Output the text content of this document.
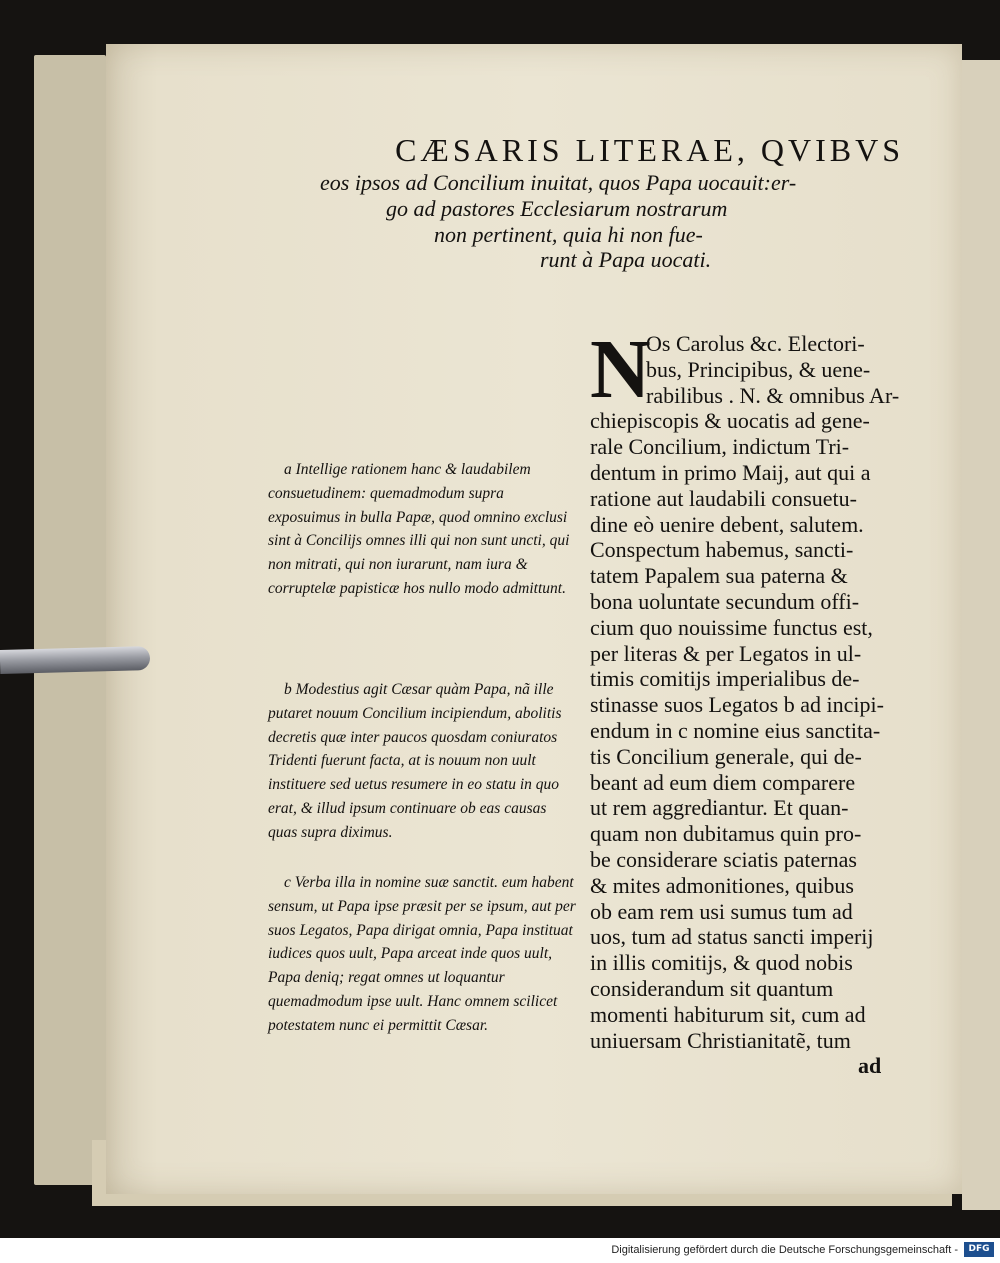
CÆSARIS LITERAE, QVIBVS
eos ipsos ad Concilium inuitat, quos Papa uocauit:er-
go ad pastores Ecclesiarum nostrarum
non pertinent, quia hi non fue-
runt à Papa uocati.

a Intellige rationem hanc & laudabilem consuetudinem: quemadmodum supra exposuimus in bulla Papæ, quod omnino exclusi sint à Concilijs omnes illi qui non sunt uncti, qui non mitrati, qui non iurarunt, nam iura & corruptelæ papisticæ hos nullo modo admittunt.

b Modestius agit Cæsar quàm Papa, nã ille putaret nouum Concilium incipiendum, abolitis decretis quæ inter paucos quosdam coniuratos Tridenti fuerunt facta, at is nouum non uult instituere sed uetus resumere in eo statu in quo erat, & illud ipsum continuare ob eas causas quas supra diximus.

c Verba illa in nomine suæ sanctit. eum habent sensum, ut Papa ipse præsit per se ipsum, aut per suos Legatos, Papa dirigat omnia, Papa instituat iudices quos uult, Papa arceat inde quos uult, Papa deniq; regat omnes ut loquantur quemadmodum ipse uult. Hanc omnem scilicet potestatem nunc ei permittit Cæsar.

N
Os Carolus &c. Electori-
bus, Principibus, & uene-
rabilibus . N. & omnibus Ar-
chiepiscopis & uocatis ad gene-
rale Concilium, indictum Tri-
dentum in primo Maij, aut qui a
ratione aut laudabili consuetu-
dine eò uenire debent, salutem.
Conspectum habemus, sancti-
tatem Papalem sua paterna &
bona uoluntate secundum offi-
cium quo nouissime functus est,
per literas & per Legatos in ul-
timis comitijs imperialibus de-
stinasse suos Legatos b ad incipi-
endum in c nomine eius sanctita-
tis Concilium generale, qui de-
beant ad eum diem comparere
ut rem aggrediantur. Et quan-
quam non dubitamus quin pro-
be considerare sciatis paternas
& mites admonitiones, quibus
ob eam rem usi sumus tum ad
uos, tum ad status sancti imperij
in illis comitijs, & quod nobis
considerandum sit quantum
momenti habiturum sit, cum ad
uniuersam Christianitatẽ, tum
ad
Digitalisierung gefördert durch die Deutsche Forschungsgemeinschaft -	DFG
